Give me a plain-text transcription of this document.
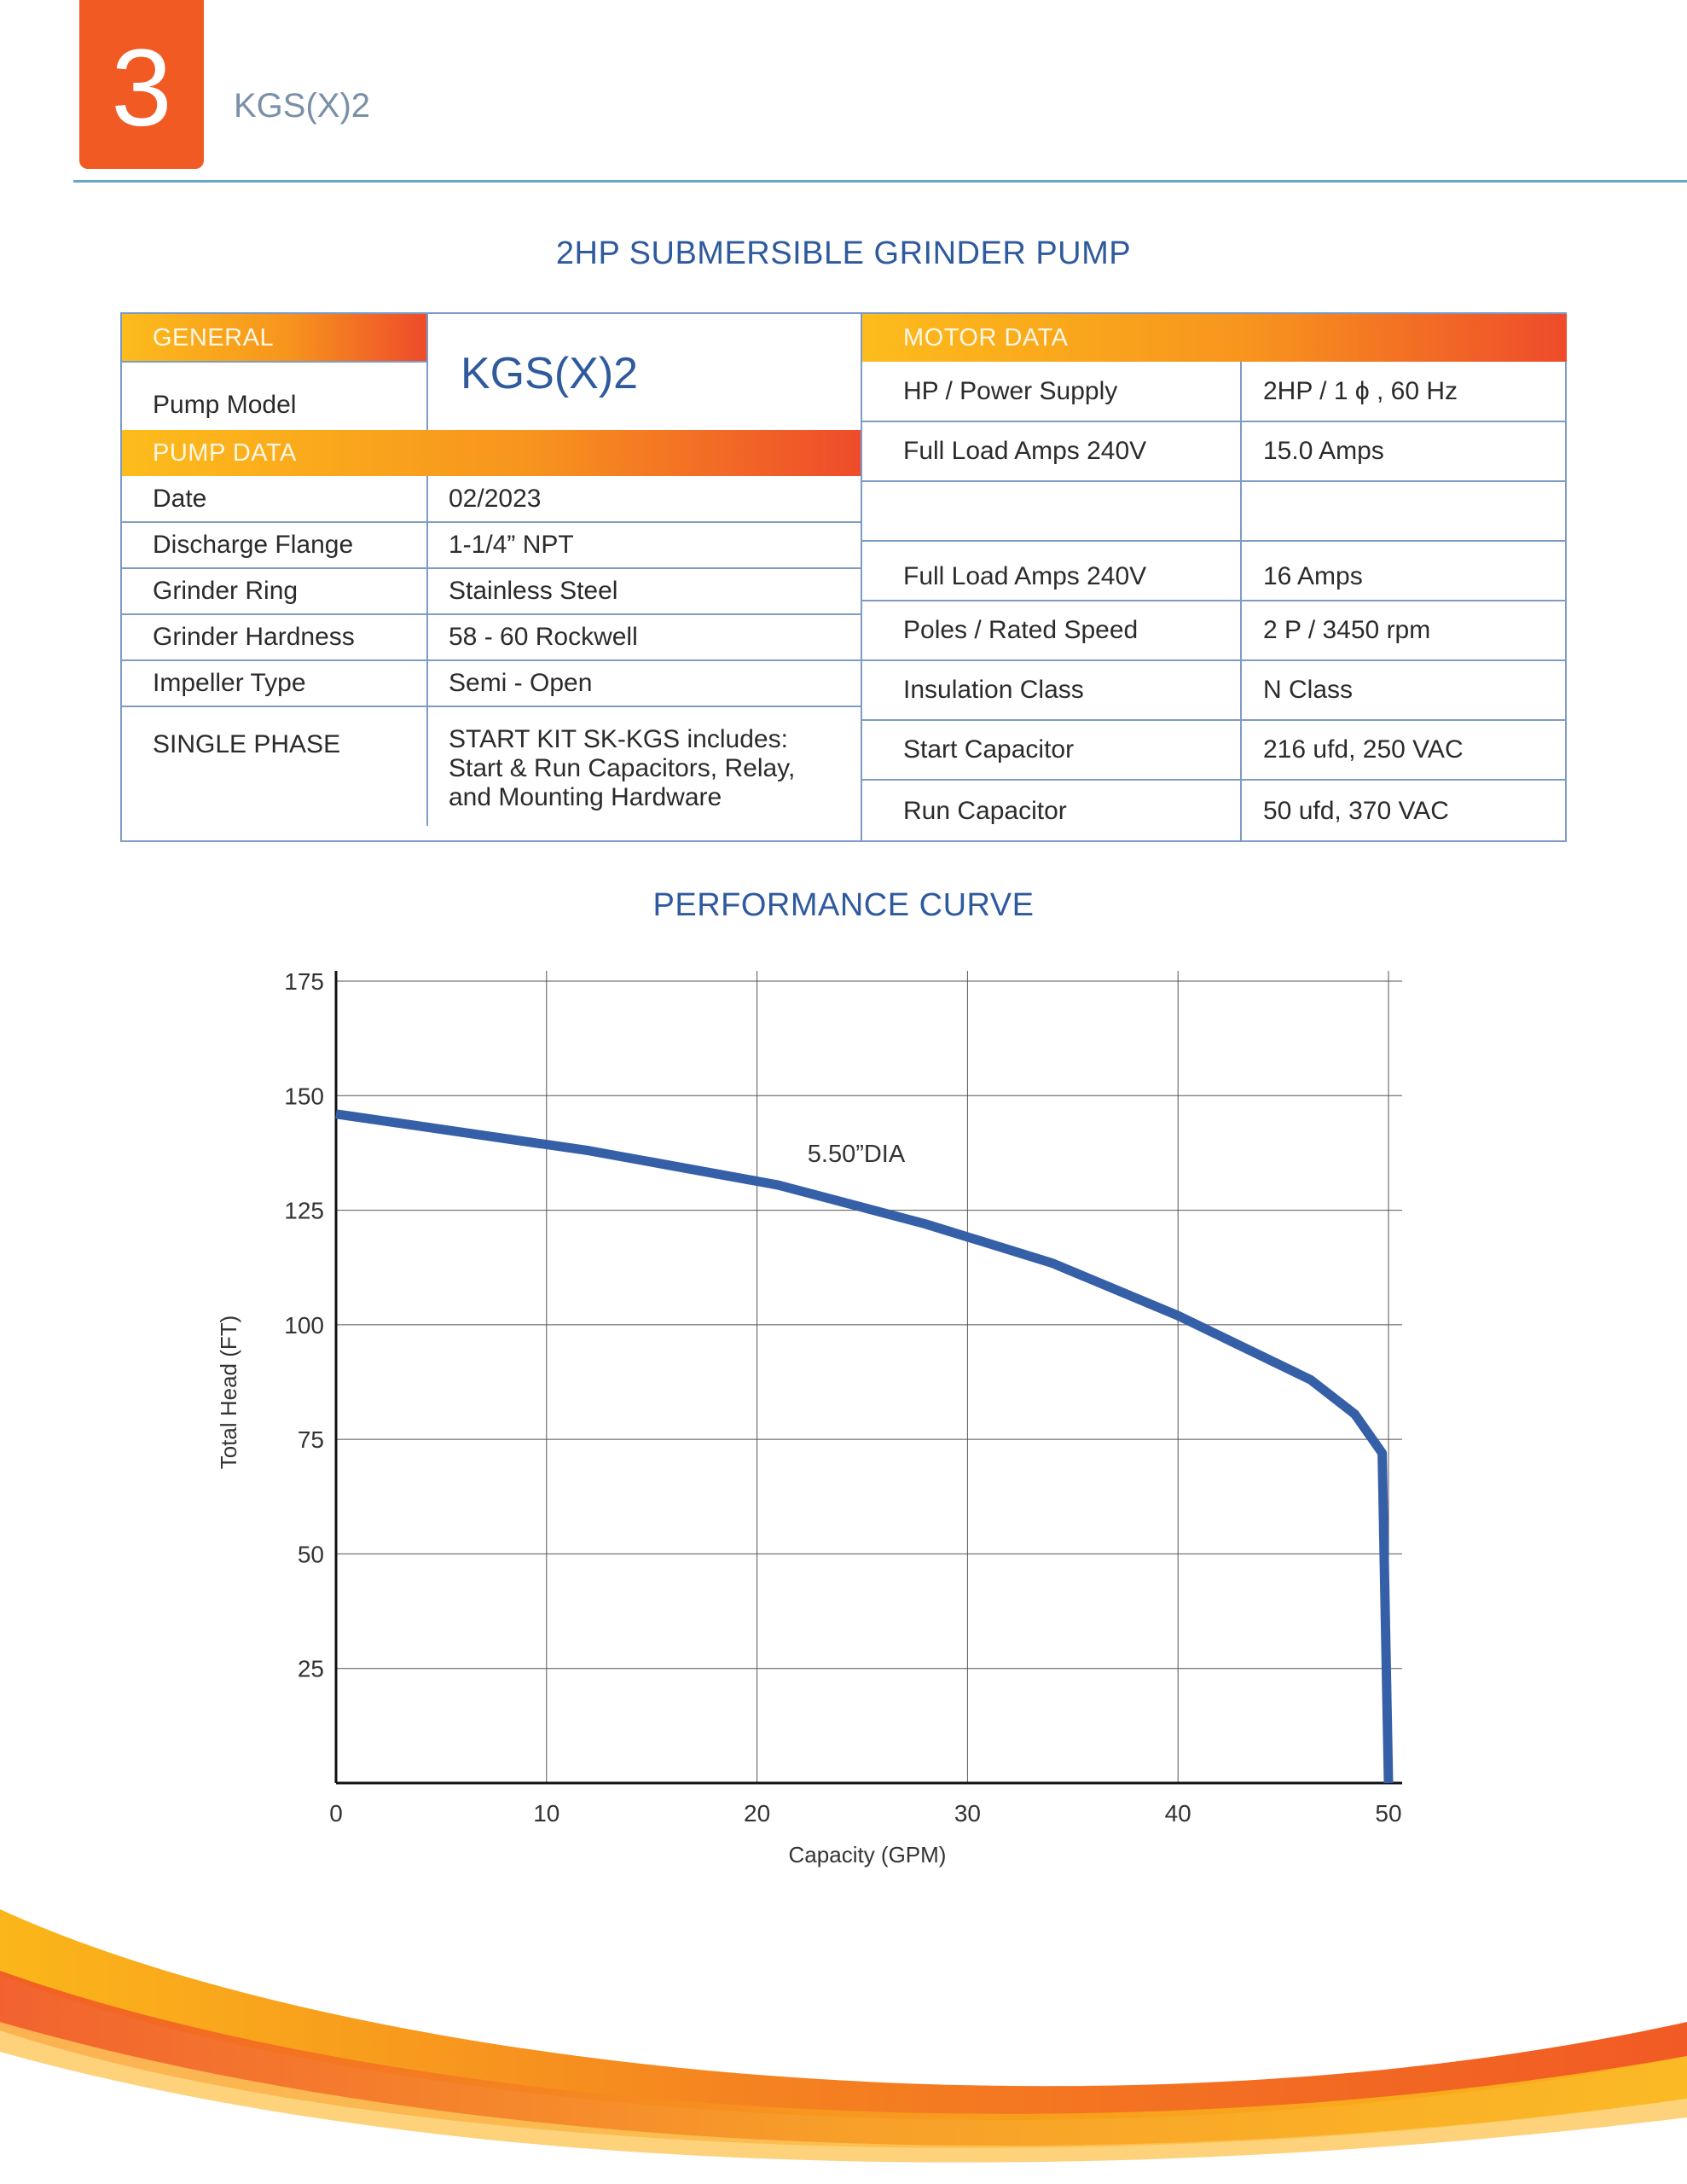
3 KGS(X)2
2HP SUBMERSIBLE GRINDER PUMP
GENERAL
Pump Model
KGS(X)2
PUMP DATA
Date	02/2023
Discharge Flange	1-1/4” NPT
Grinder Ring	Stainless Steel
Grinder Hardness	58 - 60 Rockwell
Impeller Type	Semi - Open
SINGLE PHASE	START KIT SK-KGS includes:
Start & Run Capacitors, Relay,
and Mounting Hardware
MOTOR DATA
HP / Power Supply	2HP / 1 ϕ , 60 Hz
Full Load Amps 240V	15.0 Amps
Full Load Amps 240V	16 Amps
Poles / Rated Speed	2 P / 3450 rpm
Insulation Class	N Class
Start Capacitor	216 ufd, 250 VAC
Run Capacitor	50 ufd, 370 VAC
PERFORMANCE CURVE
0	10	20	30	40	50
25
50
75
100
125
150
175
5.50”DIA
Capacity (GPM)
Total Head (FT)
